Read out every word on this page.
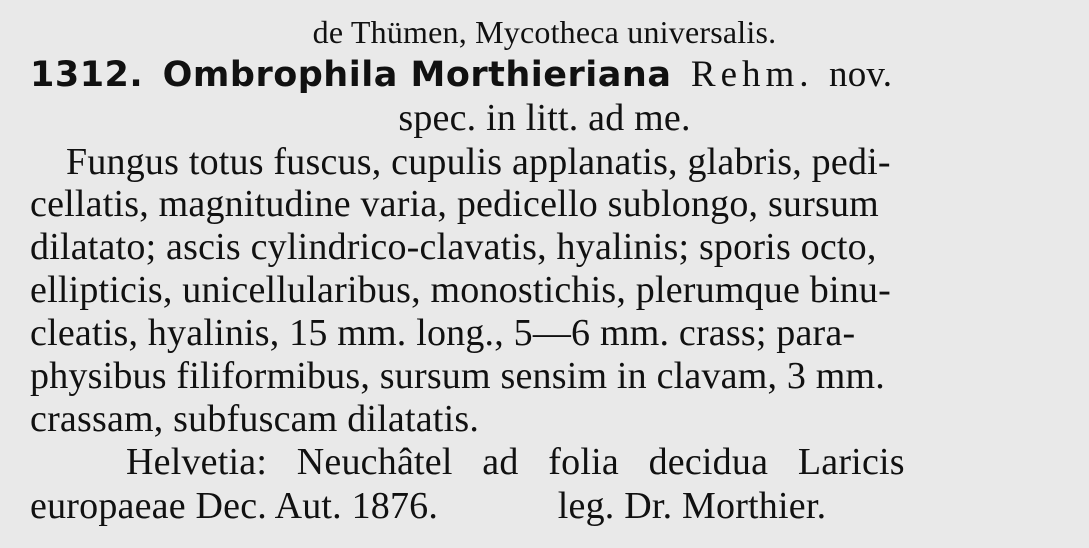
de Thümen, Mycotheca universalis.
1312. Ombrophila Morthieriana Rehm. nov.
spec. in litt. ad me.
Fungus totus fuscus, cupulis applanatis, glabris, pedi-
cellatis, magnitudine varia, pedicello sublongo, sursum
dilatato; ascis cylindrico-clavatis, hyalinis; sporis octo,
ellipticis, unicellularibus, monostichis, plerumque binu-
cleatis, hyalinis, 15 mm. long., 5—6 mm. crass; para-
physibus filiformibus, sursum sensim in clavam, 3 mm.
crassam, subfuscam dilatatis.
Helvetia: Neuchâtel ad folia decidua Laricis
europaeae Dec. Aut. 1876.	leg. Dr. Morthier.
